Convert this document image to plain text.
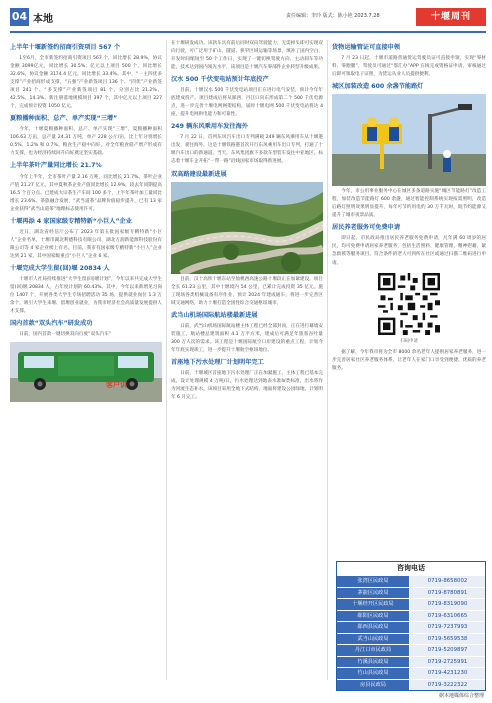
04 本地	责任编辑：李玲 版式：陈小艳 2023.7.28	十堰周刊
上半年十堰新签约招商引资项目 567 个

1至6月，全市新签约招商引资项目 567 个，同比增长 28.9%，协议金额 3099亿元，同比增长 30.5%；亿元以上项目 500 个，同比增长 32.6%，协议金额 3174.4 亿元，同比增长 33.4%。其中，“一主四优多支撑”产业招商形成支撑，“五强”产业新签项目 136 个、“四优”产业新签项目 241 个、“多支撑”产业新签项目 81 个，分别占比 21.2%、42.5%、14.3%。新注册落地规模项目 397 个，其中亿元以上项目 227 个，完成预计投资 1050 亿元。

夏粮播种面积、总产、单产实现“三增”

今年，十堰夏粮播种面积、总产、单产实现“三增”，夏粮播种面积 106.63 万亩，总产量 24.31 万吨，单产 228 公斤/亩，比上年分别增长 0.5%、1.2% 和 0.7%。粮食生产稳中向好，对全年粮食稳产增产形成有力支撑，也为经济持续回升向好奠定坚实基础。

上半年茶叶产量同比增长 21.7%

今年上半年，全市茶叶产量 2.16 万吨，同比增长 21.7%。茶叶企业产值 21.27 亿元，其中夏秋茶企业产值同比增长 12.9%，较去年同期提高 16.5 个百分点。已建成大宗茶生产车间 100 多个，上半年茶叶加工量同比增长 23.6%。茶旅融合发展，“武当道茶”品牌价值稳步提升，已有 13 家企业获得“武当山道茶”地理标志使用许可。

十堰再添 4 家国家级专精特新“小巨人”企业

近日，湖北省经信厅公布了 2023 年第五批国家级专精特新“小巨人”企业名单，十堰市湖北利德科技有限公司、湖北万润新能源科技股份有限公司等 4 家企业榜上有名。目前，我市有国家级专精特新“小巨人”企业达到 21 家，其中国家级重点“小巨人”企业 6 家。

十堰完成大学生留(回)堰 20834 人

十堰市人社局持续推进“大学生留(回)堰计划”，今年以来共完成大学生留(回)堰 20834 人，占年度计划的 60.43%。其中，今年以来新增见习岗位 1407 个，开展各类大学生专场招聘活动 35 场，提供就业岗位 1.3 万余个，吸引大学生来堰、留堰创业就业，为我市经济社会高质量发展提供人才支撑。

国内首款“双头汽车”研发成功

日前，国内首款一键切换双向行驶“双头汽车”

客户讲

在十堰研发成功。该款车具有前后同时双向驾驶能力，无需掉头即可实现双向行驶，可广泛用于矿山、隧道、狭窄区域运输等场景，填补了国内空白，开发时间缩短至 50 个工作日，实现了一键切换驾驶方向、主动刹车等功能，技术达到国内领先水平，该项目是十堰汽车零部件企业转型升级成果。

汉水 500 千伏变电站预计年底投产

目前，十堰汉水 500 千伏变电站项目正在进行电气安装，预计今年年底建成投产。项目建成后将从郧西、丹江口向东形成第二个 500 千伏电源点，进一步完善十堰电网网架结构，届时十堰电网 500 千伏变电站将达 4 座，提升电网供电能力和可靠性。

249 辆东风乘用车发往海外

7 月 22 日，首列东风汽车出口专列满载 249 辆东风乘用车从十堰港出发，驶往海外。这是十堰铁路港首次开行东风乘用车出口专列，打通了十堰汽车出口的新通道。当天，东风集团旗下多款车型装车发往中亚地区，标志着十堰车企开拓“一带一路”沿线国家市场取得新进展。

双高路建设最新进展

目前，汉十高铁十堰东站至仙桃西高速公路十堰段正在加紧建设。项目全长 61.23 公里，其中十堰境内 54 公里，已累计完成投资 35 亿元。施工现场各类机械设备有序作业，预计 2024 年建成通车，将进一步完善区域交通网络，助力十堰打造全国性综合交通枢纽城市。

武当山机场国际航站楼最新进展

日前，武当山机场国际航站楼主体工程已经全部封顶，正在进行幕墙安装施工。航站楼总建筑面积 4.1 万平方米，建成后可满足年旅客吞吐量 300 万人次的需求。该工程是十堰国际航空口岸建设的重点工程，计划今年年底实现竣工，进一步提升十堰航空枢纽地位。

首座地下污水处理厂计划明年完工

日前，十堰城区首座地下污水处理厂正在加紧施工，主体工程已基本完成，设计处理规模 4 万吨/日，污水处理达到地表水准Ⅳ类标准，出水将作为河流生态补水。该项目采用全地下式结构，地面将建设公园绿地，计划明年 6 月完工。

货物运输管证可直接申领

7 月 23 日起，十堰市道路普通货运驾驶员证可直接申领，实现“零材料、零跑腿”，驾驶员可通过“鄂汇办”APP 在线完成资格证申请，审核通过后即可领取电子证照，为货运从业人员提供便利。

城区加装改造 600 余盏节能路灯

今年，市公用事业服务中心在城区多条道路实施“城区节能路灯”改造工程，加装改造节能路灯 600 余盏，通过智能控制系统实现按需照明，改造后路灯照明效果明显提升，每年可节约用电约 30 万千瓦时，既节约能源又提升了城市夜景品质。

居民养老服务可免费申请

即日起，市民政局推出居民养老服务免费申请，凡年满 60 周岁的居民，均可免费申请居家养老服务，包括生活照料、健康管理、精神慰藉、紧急救援等服务项目。符合条件的老人可到所在社区或通过扫描二维码进行申请。

扫码申请

据了解，今年我市将为全市 8000 余名老年人提供居家养老服务，进一步完善居家社区养老服务体系，让老年人在家门口享受到便捷、优质的养老服务。

咨询电话
张湾区民政局	0719-8658002
茅箭区民政局	0719-8780891
十堰经开区民政局	0719-8319090
郧阳区民政局	0719-6310665
郧西县民政局	0719-7237993
武当山民政局	0719-5659538
丹江口市民政局	0719-5209897
竹溪县民政局	0719-2725991
竹山县民政局	0719-4231230
房县民政局	0719-3222322
据本地媒体综合整理
